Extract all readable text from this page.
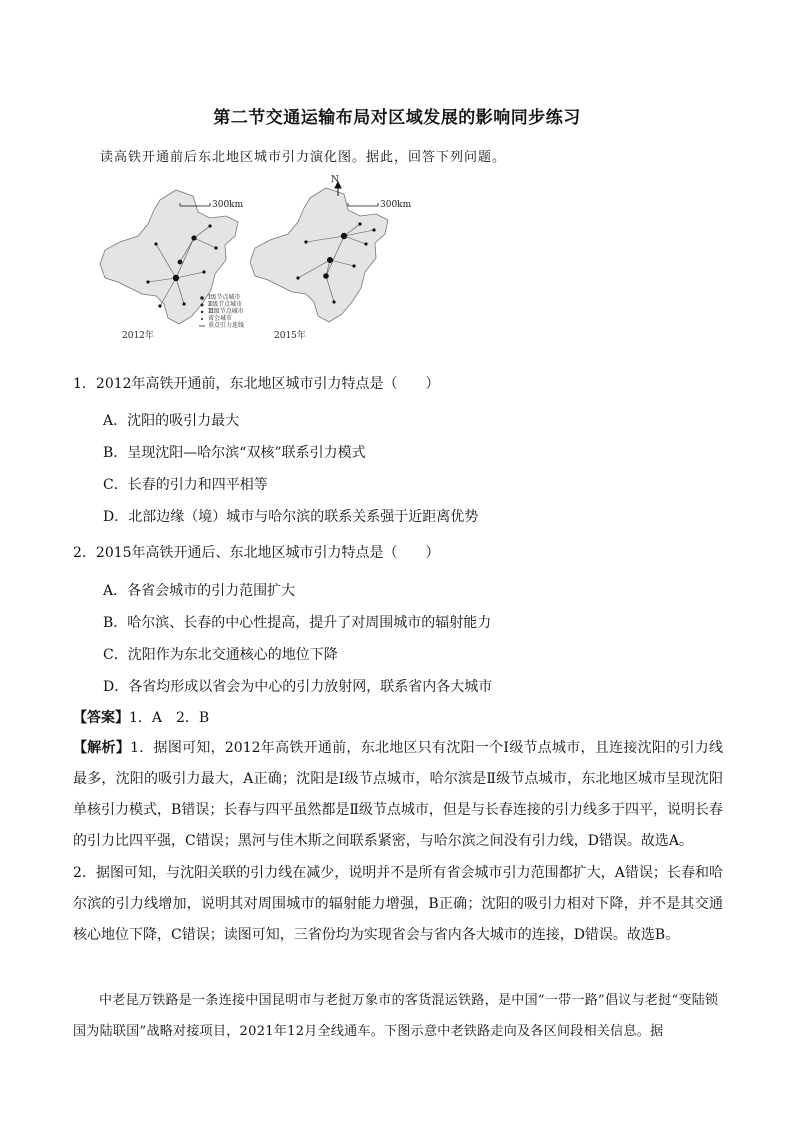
第二节交通运输布局对区域发展的影响同步练习
读高铁开通前后东北地区城市引力演化图。据此，回答下列问题。
N
300km	300km
Ⅰ级节点城市
Ⅱ级节点城市
Ⅲ级节点城市
省会城市
重点引力连线
2012年	2015年
1．2012年高铁开通前，东北地区城市引力特点是（　　）
A．沈阳的吸引力最大
B．呈现沈阳—哈尔滨“双核”联系引力模式
C．长春的引力和四平相等
D．北部边缘（境）城市与哈尔滨的联系关系强于近距离优势
2．2015年高铁开通后、东北地区城市引力特点是（　　）
A．各省会城市的引力范围扩大
B．哈尔滨、长春的中心性提高，提升了对周围城市的辐射能力
C．沈阳作为东北交通核心的地位下降
D．各省均形成以省会为中心的引力放射网，联系省内各大城市
【答案】1．A　2．B
【解析】1．据图可知，2012年高铁开通前，东北地区只有沈阳一个Ⅰ级节点城市，且连接沈阳的引力线最多，沈阳的吸引力最大，A正确；沈阳是Ⅰ级节点城市，哈尔滨是Ⅱ级节点城市，东北地区城市呈现沈阳单核引力模式，B错误；长春与四平虽然都是Ⅱ级节点城市，但是与长春连接的引力线多于四平，说明长春的引力比四平强，C错误；黑河与佳木斯之间联系紧密，与哈尔滨之间没有引力线，D错误。故选A。
2．据图可知，与沈阳关联的引力线在减少，说明并不是所有省会城市引力范围都扩大，A错误；长春和哈尔滨的引力线增加，说明其对周围城市的辐射能力增强，B正确；沈阳的吸引力相对下降，并不是其交通核心地位下降，C错误；读图可知，三省份均为实现省会与省内各大城市的连接，D错误。故选B。
中老昆万铁路是一条连接中国昆明市与老挝万象市的客货混运铁路，是中国“一带一路”倡议与老挝“变陆锁国为陆联国”战略对接项目，2021年12月全线通车。下图示意中老铁路走向及各区间段相关信息。据
